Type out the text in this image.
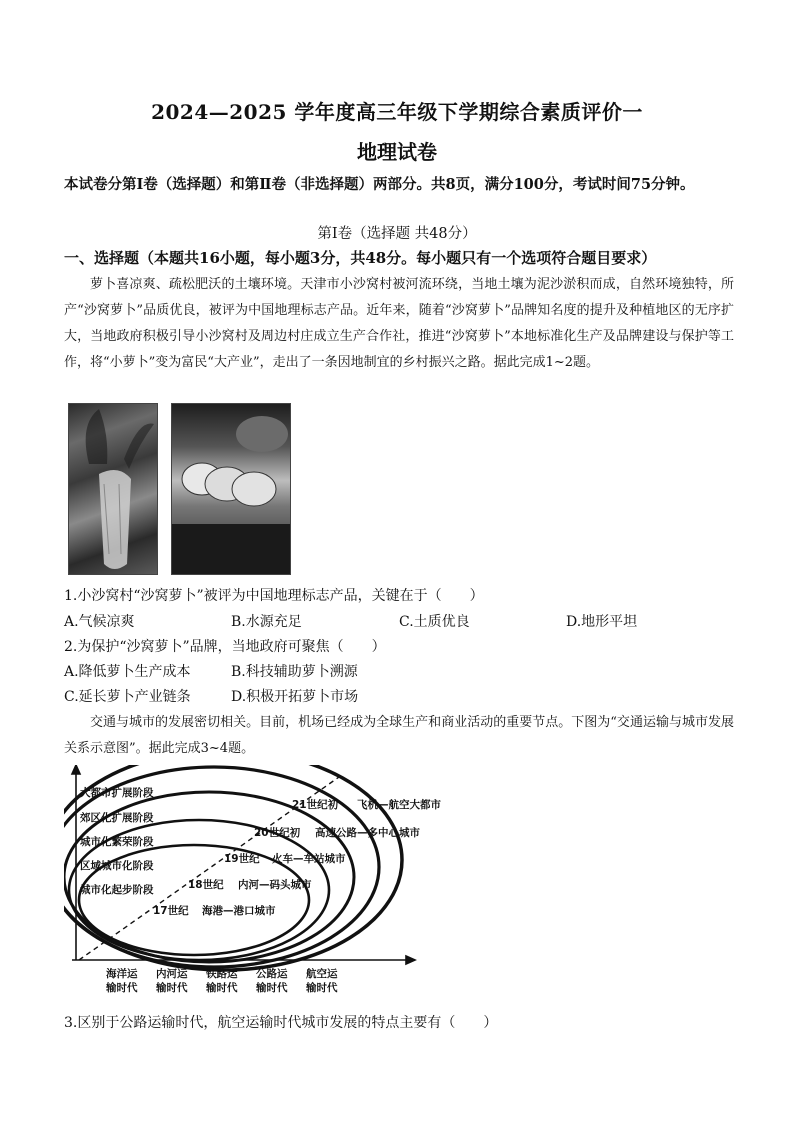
2024—2025 学年度高三年级下学期综合素质评价一
地理试卷
本试卷分第Ⅰ卷（选择题）和第Ⅱ卷（非选择题）两部分。共8页，满分100分，考试时间75分钟。
第Ⅰ卷（选择题 共48分）
一、选择题（本题共16小题，每小题3分，共48分。每小题只有一个选项符合题目要求）
萝卜喜凉爽、疏松肥沃的土壤环境。天津市小沙窝村被河流环绕，当地土壤为泥沙淤积而成，自然环境独特，所产“沙窝萝卜”品质优良，被评为中国地理标志产品。近年来，随着“沙窝萝卜”品牌知名度的提升及种植地区的无序扩大，当地政府积极引导小沙窝村及周边村庄成立生产合作社，推进“沙窝萝卜”本地标准化生产及品牌建设与保护等工作，将“小萝卜”变为富民“大产业”，走出了一条因地制宜的乡村振兴之路。据此完成1~2题。
1.小沙窝村“沙窝萝卜”被评为中国地理标志产品，关键在于（　　）
A.气候凉爽	B.水源充足	C.土质优良	D.地形平坦
2.为保护“沙窝萝卜”品牌，当地政府可聚焦（　　）
A.降低萝卜生产成本	B.科技辅助萝卜溯源
C.延长萝卜产业链条	D.积极开拓萝卜市场
交通与城市的发展密切相关。目前，机场已经成为全球生产和商业活动的重要节点。下图为“交通运输与城市发展关系示意图”。据此完成3~4题。
大都市扩展阶段
郊区化扩展阶段
城市化繁荣阶段
区域城市化阶段
城市化起步阶段
21世纪初 飞机—航空大都市
20世纪初 高速公路—多中心城市
19世纪 火车—车站城市
18世纪 内河—码头城市
17世纪 海港—港口城市
海洋运
输时代
内河运
输时代
铁路运
输时代
公路运
输时代
航空运
输时代
3.区别于公路运输时代，航空运输时代城市发展的特点主要有（　　）
